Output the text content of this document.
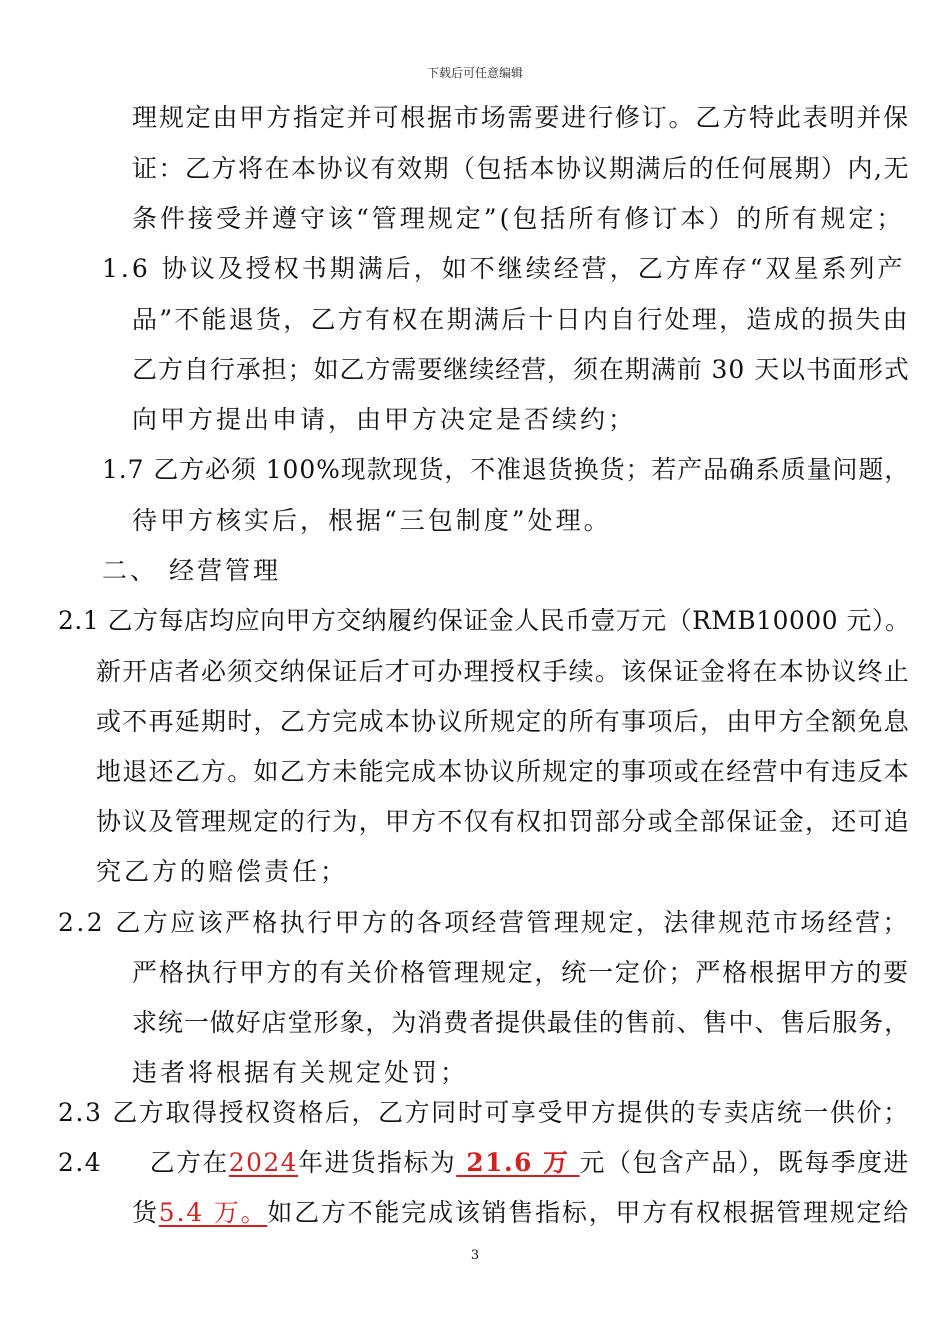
下载后可任意编辑
理规定由甲方指定并可根据市场需要进行修订。乙方特此表明并保
证：乙方将在本协议有效期（包括本协议期满后的任何展期）内,无
条件接受并遵守该“管理规定”(包括所有修订本）的所有规定；
1.6 协议及授权书期满后，如不继续经营，乙方库存“双星系列产
品”不能退货，乙方有权在期满后十日内自行处理，造成的损失由
乙方自行承担；如乙方需要继续经营，须在期满前 30 天以书面形式
向甲方提出申请，由甲方决定是否续约；
1.7 乙方必须 100%现款现货，不准退货换货；若产品确系质量问题，
待甲方核实后，根据“三包制度”处理。
二、 经营管理
2.1 乙方每店均应向甲方交纳履约保证金人民币壹万元（RMB10000 元）。
新开店者必须交纳保证后才可办理授权手续。该保证金将在本协议终止
或不再延期时，乙方完成本协议所规定的所有事项后，由甲方全额免息
地退还乙方。如乙方未能完成本协议所规定的事项或在经营中有违反本
协议及管理规定的行为，甲方不仅有权扣罚部分或全部保证金，还可追
究乙方的赔偿责任；
2.2 乙方应该严格执行甲方的各项经营管理规定，法律规范市场经营；
严格执行甲方的有关价格管理规定，统一定价；严格根据甲方的要
求统一做好店堂形象，为消费者提供最佳的售前、售中、售后服务，
违者将根据有关规定处罚；
2.3 乙方取得授权资格后，乙方同时可享受甲方提供的专卖店统一供价；
2.4 乙方在2024年进货指标为 21.6 万 元（包含产品），既每季度进
货5.4 万。如乙方不能完成该销售指标，甲方有权根据管理规定给
3
